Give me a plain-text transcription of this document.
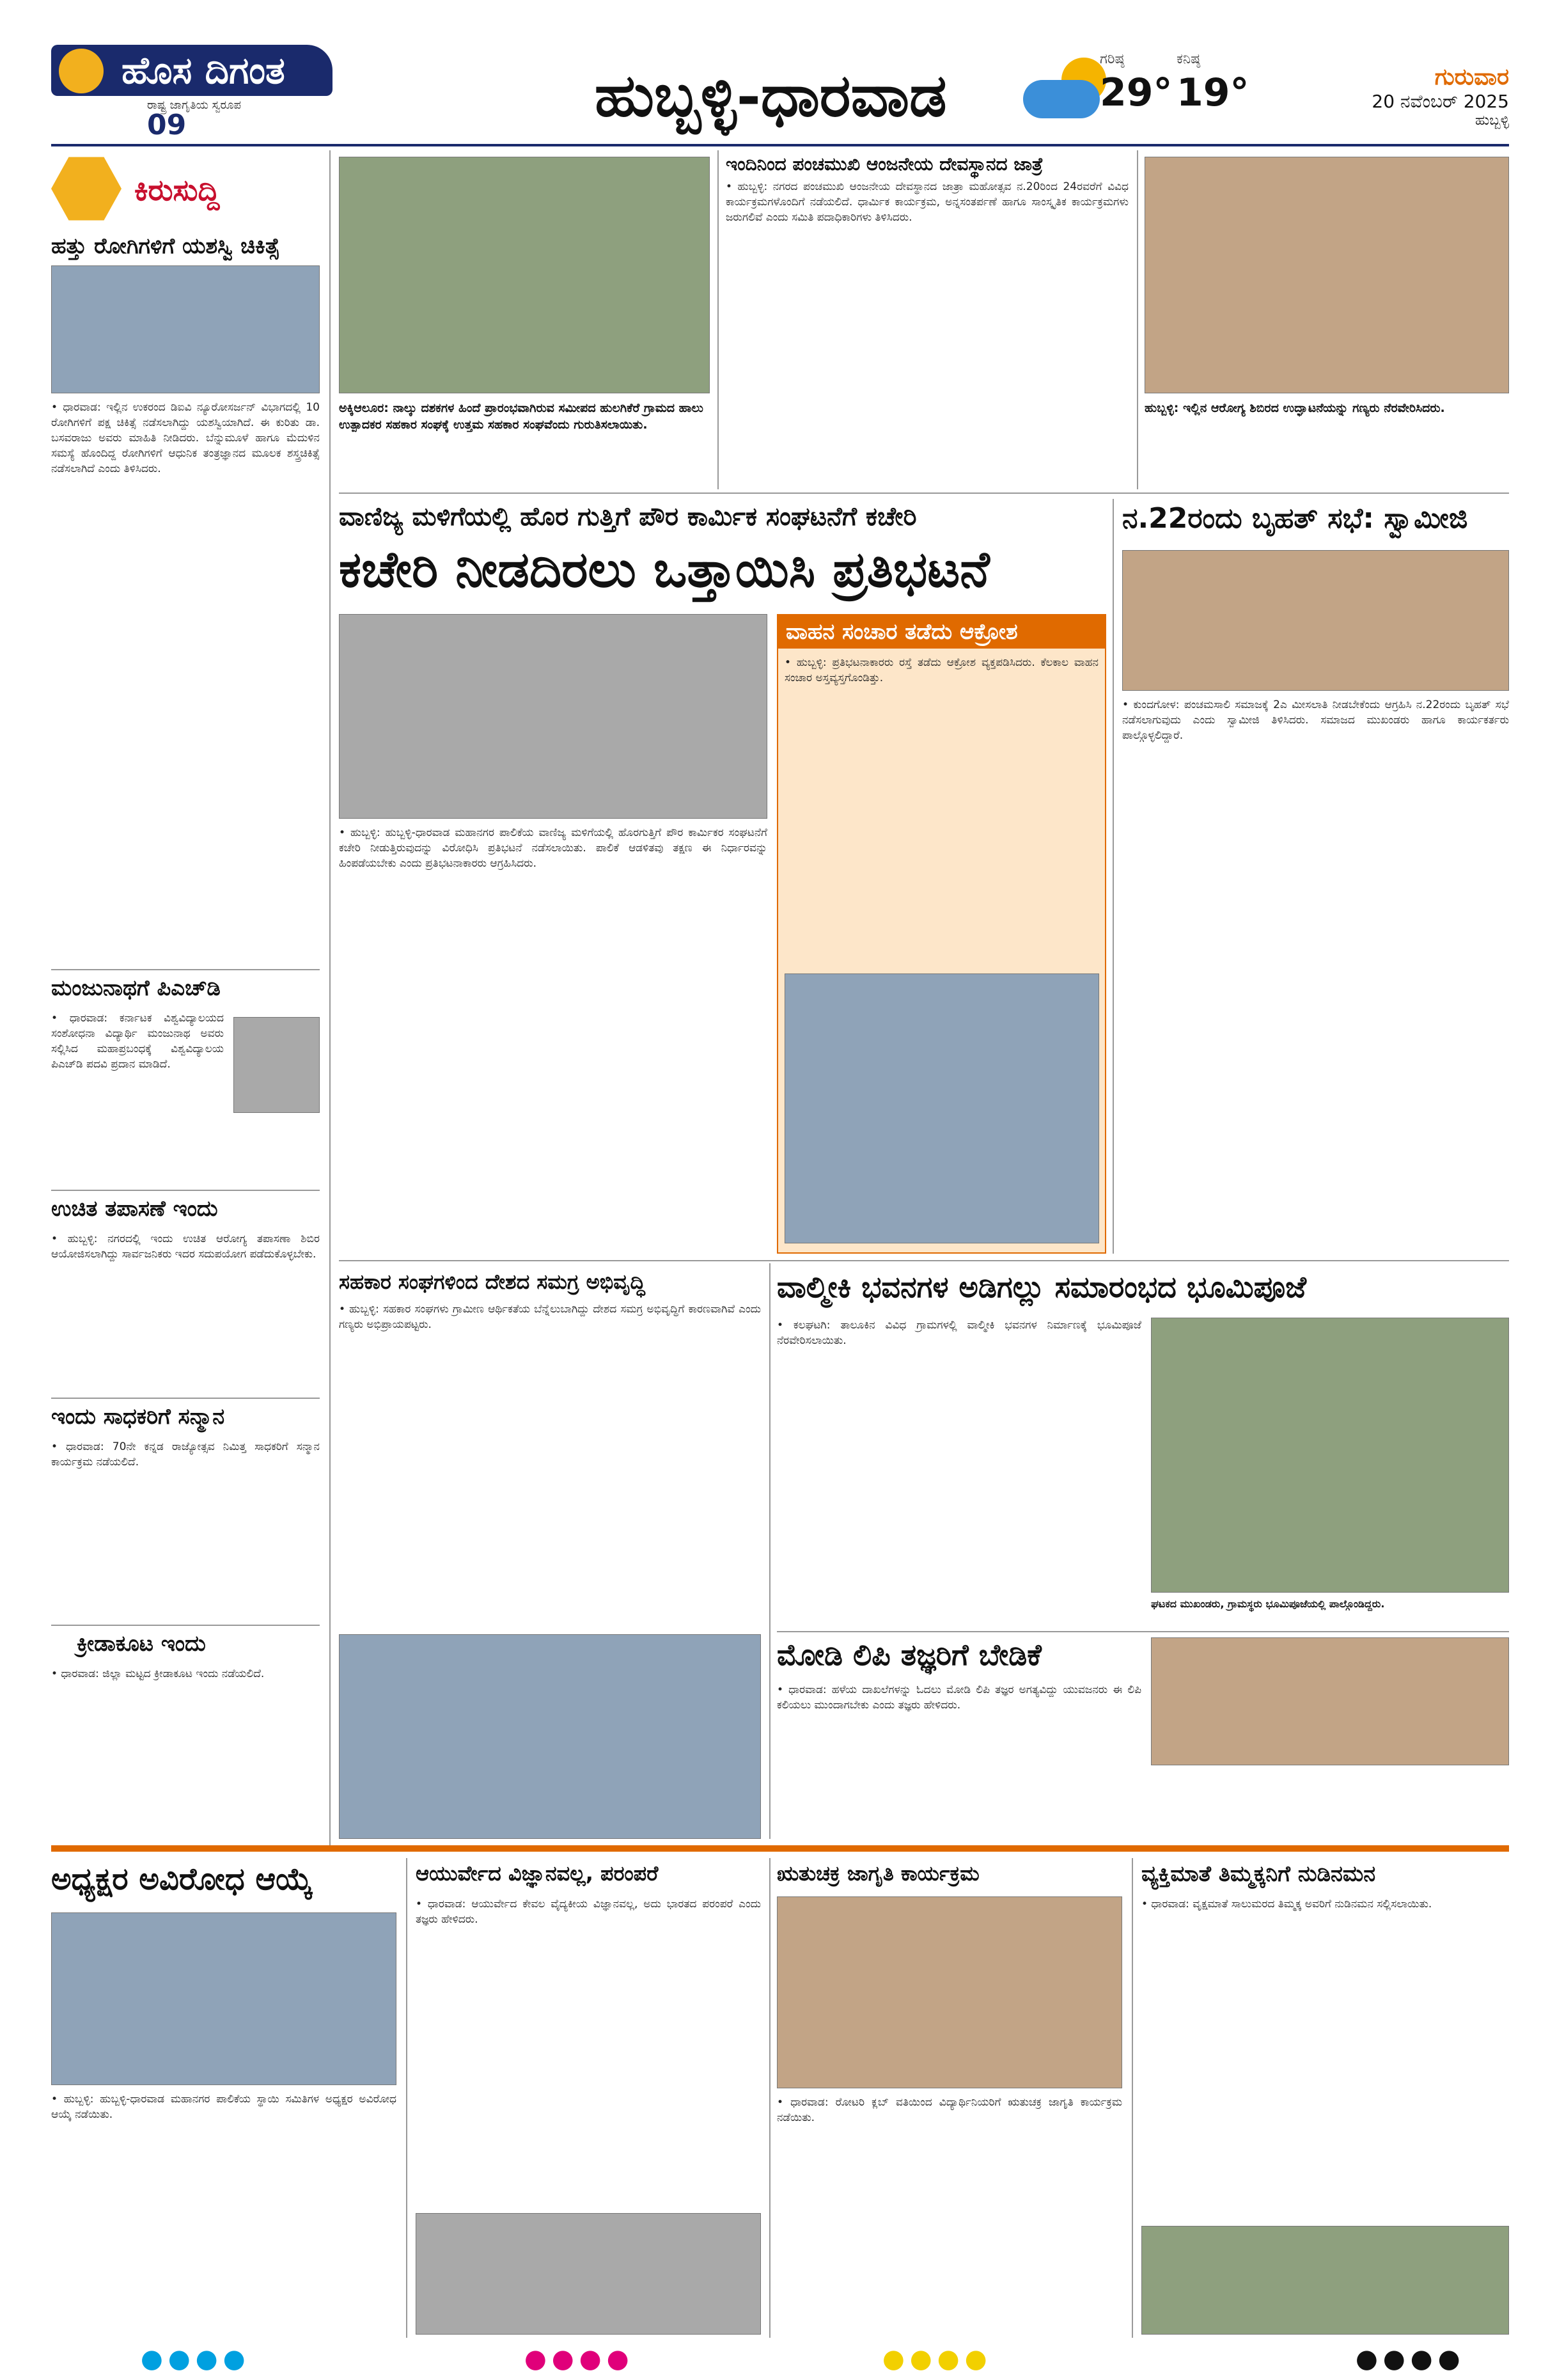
ಹೊಸ ದಿಗಂತ
ರಾಷ್ಟ್ರ ಜಾಗೃತಿಯ ಸ್ವರೂಪ
09	ಹುಬ್ಬಳ್ಳಿ-ಧಾರವಾಡ
ಗರಿಷ್ಠ
29°
ಕನಿಷ್ಠ
19°	ಗುರುವಾರ
20 ನವೆಂಬರ್ 2025
ಹುಬ್ಬಳ್ಳಿ
ಕಿರುಸುದ್ದಿ
ಹತ್ತು ರೋಗಿಗಳಿಗೆ ಯಶಸ್ವಿ ಚಿಕಿತ್ಸೆ
• ಧಾರವಾಡ: ಇಲ್ಲಿನ ಉಕರಂದ ಡಿಐವಿ ನ್ಯೂರೋಸರ್ಜನ್ ವಿಭಾಗದಲ್ಲಿ 10 ರೋಗಿಗಳಿಗೆ ಪಕ್ಷ ಚಿಕಿತ್ಸೆ ನಡೆಸಲಾಗಿದ್ದು ಯಶಸ್ವಿಯಾಗಿದೆ. ಈ ಕುರಿತು ಡಾ. ಬಸವರಾಜು ಅವರು ಮಾಹಿತಿ ನೀಡಿದರು. ಬೆನ್ನುಮೂಳೆ ಹಾಗೂ ಮೆದುಳಿನ ಸಮಸ್ಯೆ ಹೊಂದಿದ್ದ ರೋಗಿಗಳಿಗೆ ಆಧುನಿಕ ತಂತ್ರಜ್ಞಾನದ ಮೂಲಕ ಶಸ್ತ್ರಚಿಕಿತ್ಸೆ ನಡೆಸಲಾಗಿದೆ ಎಂದು ತಿಳಿಸಿದರು.
ಮಂಜುನಾಥಗೆ ಪಿಎಚ್‌ಡಿ
• ಧಾರವಾಡ: ಕರ್ನಾಟಕ ವಿಶ್ವವಿದ್ಯಾಲಯದ ಸಂಶೋಧನಾ ವಿದ್ಯಾರ್ಥಿ ಮಂಜುನಾಥ ಅವರು ಸಲ್ಲಿಸಿದ ಮಹಾಪ್ರಬಂಧಕ್ಕೆ ವಿಶ್ವವಿದ್ಯಾಲಯ ಪಿಎಚ್‌ಡಿ ಪದವಿ ಪ್ರದಾನ ಮಾಡಿದೆ.
ಉಚಿತ ತಪಾಸಣೆ ಇಂದು
• ಹುಬ್ಬಳ್ಳಿ: ನಗರದಲ್ಲಿ ಇಂದು ಉಚಿತ ಆರೋಗ್ಯ ತಪಾಸಣಾ ಶಿಬಿರ ಆಯೋಜಿಸಲಾಗಿದ್ದು ಸಾರ್ವಜನಿಕರು ಇದರ ಸದುಪಯೋಗ ಪಡೆದುಕೊಳ್ಳಬೇಕು.
ಇಂದು ಸಾಧಕರಿಗೆ ಸನ್ಮಾನ
• ಧಾರವಾಡ: 70ನೇ ಕನ್ನಡ ರಾಜ್ಯೋತ್ಸವ ನಿಮಿತ್ತ ಸಾಧಕರಿಗೆ ಸನ್ಮಾನ ಕಾರ್ಯಕ್ರಮ ನಡೆಯಲಿದೆ.
ಕ್ರೀಡಾಕೂಟ ಇಂದು
• ಧಾರವಾಡ: ಜಿಲ್ಲಾ ಮಟ್ಟದ ಕ್ರೀಡಾಕೂಟ ಇಂದು ನಡೆಯಲಿದೆ.
ಅಕ್ಕಿಆಲೂರ: ನಾಲ್ಕು ದಶಕಗಳ ಹಿಂದೆ ಪ್ರಾರಂಭವಾಗಿರುವ ಸಮೀಪದ ಹುಲಗಿಕೆರೆ ಗ್ರಾಮದ ಹಾಲು ಉತ್ಪಾದಕರ ಸಹಕಾರ ಸಂಘಕ್ಕೆ ಉತ್ತಮ ಸಹಕಾರ ಸಂಘವೆಂದು ಗುರುತಿಸಲಾಯಿತು.
ಇಂದಿನಿಂದ ಪಂಚಮುಖಿ ಆಂಜನೇಯ ದೇವಸ್ಥಾನದ ಜಾತ್ರೆ
• ಹುಬ್ಬಳ್ಳಿ: ನಗರದ ಪಂಚಮುಖಿ ಆಂಜನೇಯ ದೇವಸ್ಥಾನದ ಜಾತ್ರಾ ಮಹೋತ್ಸವ ನ.20ರಿಂದ 24ರವರೆಗೆ ವಿವಿಧ ಕಾರ್ಯಕ್ರಮಗಳೊಂದಿಗೆ ನಡೆಯಲಿದೆ. ಧಾರ್ಮಿಕ ಕಾರ್ಯಕ್ರಮ, ಅನ್ನಸಂತರ್ಪಣೆ ಹಾಗೂ ಸಾಂಸ್ಕೃತಿಕ ಕಾರ್ಯಕ್ರಮಗಳು ಜರುಗಲಿವೆ ಎಂದು ಸಮಿತಿ ಪದಾಧಿಕಾರಿಗಳು ತಿಳಿಸಿದರು.
ಹುಬ್ಬಳ್ಳಿ: ಇಲ್ಲಿನ ಆರೋಗ್ಯ ಶಿಬಿರದ ಉದ್ಘಾಟನೆಯನ್ನು ಗಣ್ಯರು ನೆರವೇರಿಸಿದರು.
ವಾಣಿಜ್ಯ ಮಳಿಗೆಯಲ್ಲಿ ಹೊರ ಗುತ್ತಿಗೆ ಪೌರ ಕಾರ್ಮಿಕ ಸಂಘಟನೆಗೆ ಕಚೇರಿ
ಕಚೇರಿ ನೀಡದಿರಲು ಒತ್ತಾಯಿಸಿ ಪ್ರತಿಭಟನೆ
• ಹುಬ್ಬಳ್ಳಿ: ಹುಬ್ಬಳ್ಳಿ-ಧಾರವಾಡ ಮಹಾನಗರ ಪಾಲಿಕೆಯ ವಾಣಿಜ್ಯ ಮಳಿಗೆಯಲ್ಲಿ ಹೊರಗುತ್ತಿಗೆ ಪೌರ ಕಾರ್ಮಿಕರ ಸಂಘಟನೆಗೆ ಕಚೇರಿ ನೀಡುತ್ತಿರುವುದನ್ನು ವಿರೋಧಿಸಿ ಪ್ರತಿಭಟನೆ ನಡೆಸಲಾಯಿತು. ಪಾಲಿಕೆ ಆಡಳಿತವು ತಕ್ಷಣ ಈ ನಿರ್ಧಾರವನ್ನು ಹಿಂಪಡೆಯಬೇಕು ಎಂದು ಪ್ರತಿಭಟನಾಕಾರರು ಆಗ್ರಹಿಸಿದರು.
ವಾಹನ ಸಂಚಾರ ತಡೆದು ಆಕ್ರೋಶ
• ಹುಬ್ಬಳ್ಳಿ: ಪ್ರತಿಭಟನಾಕಾರರು ರಸ್ತೆ ತಡೆದು ಆಕ್ರೋಶ ವ್ಯಕ್ತಪಡಿಸಿದರು. ಕೆಲಕಾಲ ವಾಹನ ಸಂಚಾರ ಅಸ್ತವ್ಯಸ್ತಗೊಂಡಿತ್ತು.
ನ.22ರಂದು ಬೃಹತ್ ಸಭೆ: ಸ್ವಾಮೀಜಿ
• ಕುಂದಗೋಳ: ಪಂಚಮಸಾಲಿ ಸಮಾಜಕ್ಕೆ 2ಎ ಮೀಸಲಾತಿ ನೀಡಬೇಕೆಂದು ಆಗ್ರಹಿಸಿ ನ.22ರಂದು ಬೃಹತ್ ಸಭೆ ನಡೆಸಲಾಗುವುದು ಎಂದು ಸ್ವಾಮೀಜಿ ತಿಳಿಸಿದರು. ಸಮಾಜದ ಮುಖಂಡರು ಹಾಗೂ ಕಾರ್ಯಕರ್ತರು ಪಾಲ್ಗೊಳ್ಳಲಿದ್ದಾರೆ.
ಸಹಕಾರ ಸಂಘಗಳಿಂದ ದೇಶದ ಸಮಗ್ರ ಅಭಿವೃದ್ಧಿ
• ಹುಬ್ಬಳ್ಳಿ: ಸಹಕಾರ ಸಂಘಗಳು ಗ್ರಾಮೀಣ ಆರ್ಥಿಕತೆಯ ಬೆನ್ನೆಲುಬಾಗಿದ್ದು ದೇಶದ ಸಮಗ್ರ ಅಭಿವೃದ್ಧಿಗೆ ಕಾರಣವಾಗಿವೆ ಎಂದು ಗಣ್ಯರು ಅಭಿಪ್ರಾಯಪಟ್ಟರು.
ವಾಲ್ಮೀಕಿ ಭವನಗಳ ಅಡಿಗಲ್ಲು ಸಮಾರಂಭದ ಭೂಮಿಪೂಜೆ
• ಕಲಘಟಗಿ: ತಾಲೂಕಿನ ವಿವಿಧ ಗ್ರಾಮಗಳಲ್ಲಿ ವಾಲ್ಮೀಕಿ ಭವನಗಳ ನಿರ್ಮಾಣಕ್ಕೆ ಭೂಮಿಪೂಜೆ ನೆರವೇರಿಸಲಾಯಿತು.
ಘಟಕದ ಮುಖಂಡರು, ಗ್ರಾಮಸ್ಥರು ಭೂಮಿಪೂಜೆಯಲ್ಲಿ ಪಾಲ್ಗೊಂಡಿದ್ದರು.
ಮೋಡಿ ಲಿಪಿ ತಜ್ಞರಿಗೆ ಬೇಡಿಕೆ
• ಧಾರವಾಡ: ಹಳೆಯ ದಾಖಲೆಗಳನ್ನು ಓದಲು ಮೋಡಿ ಲಿಪಿ ತಜ್ಞರ ಅಗತ್ಯವಿದ್ದು ಯುವಜನರು ಈ ಲಿಪಿ ಕಲಿಯಲು ಮುಂದಾಗಬೇಕು ಎಂದು ತಜ್ಞರು ಹೇಳಿದರು.
ಅಧ್ಯಕ್ಷರ ಅವಿರೋಧ ಆಯ್ಕೆ
• ಹುಬ್ಬಳ್ಳಿ: ಹುಬ್ಬಳ್ಳಿ-ಧಾರವಾಡ ಮಹಾನಗರ ಪಾಲಿಕೆಯ ಸ್ಥಾಯಿ ಸಮಿತಿಗಳ ಅಧ್ಯಕ್ಷರ ಅವಿರೋಧ ಆಯ್ಕೆ ನಡೆಯಿತು.
ಆಯುರ್ವೇದ ವಿಜ್ಞಾನವಲ್ಲ, ಪರಂಪರೆ
• ಧಾರವಾಡ: ಆಯುರ್ವೇದ ಕೇವಲ ವೈದ್ಯಕೀಯ ವಿಜ್ಞಾನವಲ್ಲ, ಅದು ಭಾರತದ ಪರಂಪರೆ ಎಂದು ತಜ್ಞರು ಹೇಳಿದರು.
ಋತುಚಕ್ರ ಜಾಗೃತಿ ಕಾರ್ಯಕ್ರಮ
• ಧಾರವಾಡ: ರೋಟರಿ ಕ್ಲಬ್ ವತಿಯಿಂದ ವಿದ್ಯಾರ್ಥಿನಿಯರಿಗೆ ಋತುಚಕ್ರ ಜಾಗೃತಿ ಕಾರ್ಯಕ್ರಮ ನಡೆಯಿತು.
ವ್ಯಕ್ತಿಮಾತೆ ತಿಮ್ಮಕ್ಕನಿಗೆ ನುಡಿನಮನ
• ಧಾರವಾಡ: ವೃಕ್ಷಮಾತೆ ಸಾಲುಮರದ ತಿಮ್ಮಕ್ಕ ಅವರಿಗೆ ನುಡಿನಮನ ಸಲ್ಲಿಸಲಾಯಿತು.
●●●●	●●●●	●●●●	●●●●
